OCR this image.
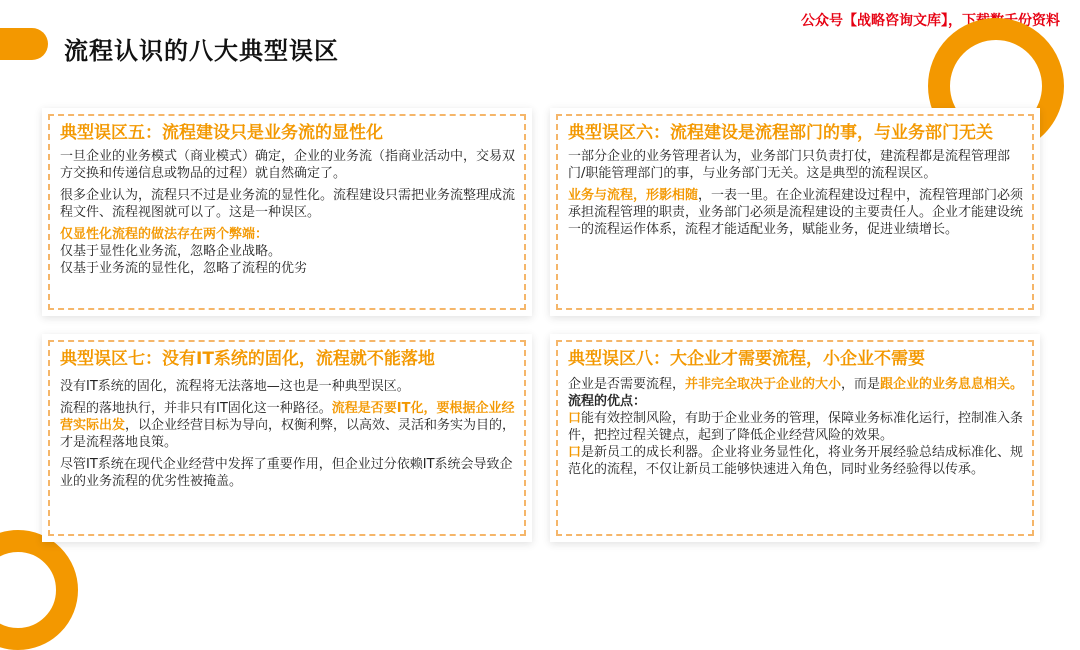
流程认识的八大典型误区
公众号【战略咨询文库】，下载数千份资料
典型误区五：流程建设只是业务流的显性化

一旦企业的业务模式（商业模式）确定，企业的业务流（指商业活动中，交易双方交换和传递信息或物品的过程）就自然确定了。

很多企业认为，流程只不过是业务流的显性化。流程建设只需把业务流整理成流程文件、流程视图就可以了。这是一种误区。

仅显性化流程的做法存在两个弊端：

仅基于显性化业务流，忽略企业战略。

仅基于业务流的显性化，忽略了流程的优劣

典型误区六：流程建设是流程部门的事，与业务部门无关

一部分企业的业务管理者认为，业务部门只负责打仗，建流程都是流程管理部门/职能管理部门的事，与业务部门无关。这是典型的流程误区。

业务与流程，形影相随，一表一里。在企业流程建设过程中，流程管理部门必须承担流程管理的职责，业务部门必须是流程建设的主要责任人。企业才能建设统一的流程运作体系，流程才能适配业务，赋能业务，促进业绩增长。

典型误区七：没有IT系统的固化，流程就不能落地

没有IT系统的固化，流程将无法落地—这也是一种典型误区。

流程的落地执行，并非只有IT固化这一种路径。流程是否要IT化，要根据企业经营实际出发，以企业经营目标为导向，权衡利弊，以高效、灵活和务实为目的，才是流程落地良策。

尽管IT系统在现代企业经营中发挥了重要作用，但企业过分依赖IT系统会导致企业的业务流程的优劣性被掩盖。

典型误区八：大企业才需要流程，小企业不需要

企业是否需要流程，并非完全取决于企业的大小，而是跟企业的业务息息相关。

流程的优点：

口能有效控制风险，有助于企业业务的管理，保障业务标准化运行，控制准入条件，把控过程关键点，起到了降低企业经营风险的效果。

口是新员工的成长利器。企业将业务显性化，将业务开展经验总结成标准化、规范化的流程，不仅让新员工能够快速进入角色，同时业务经验得以传承。
